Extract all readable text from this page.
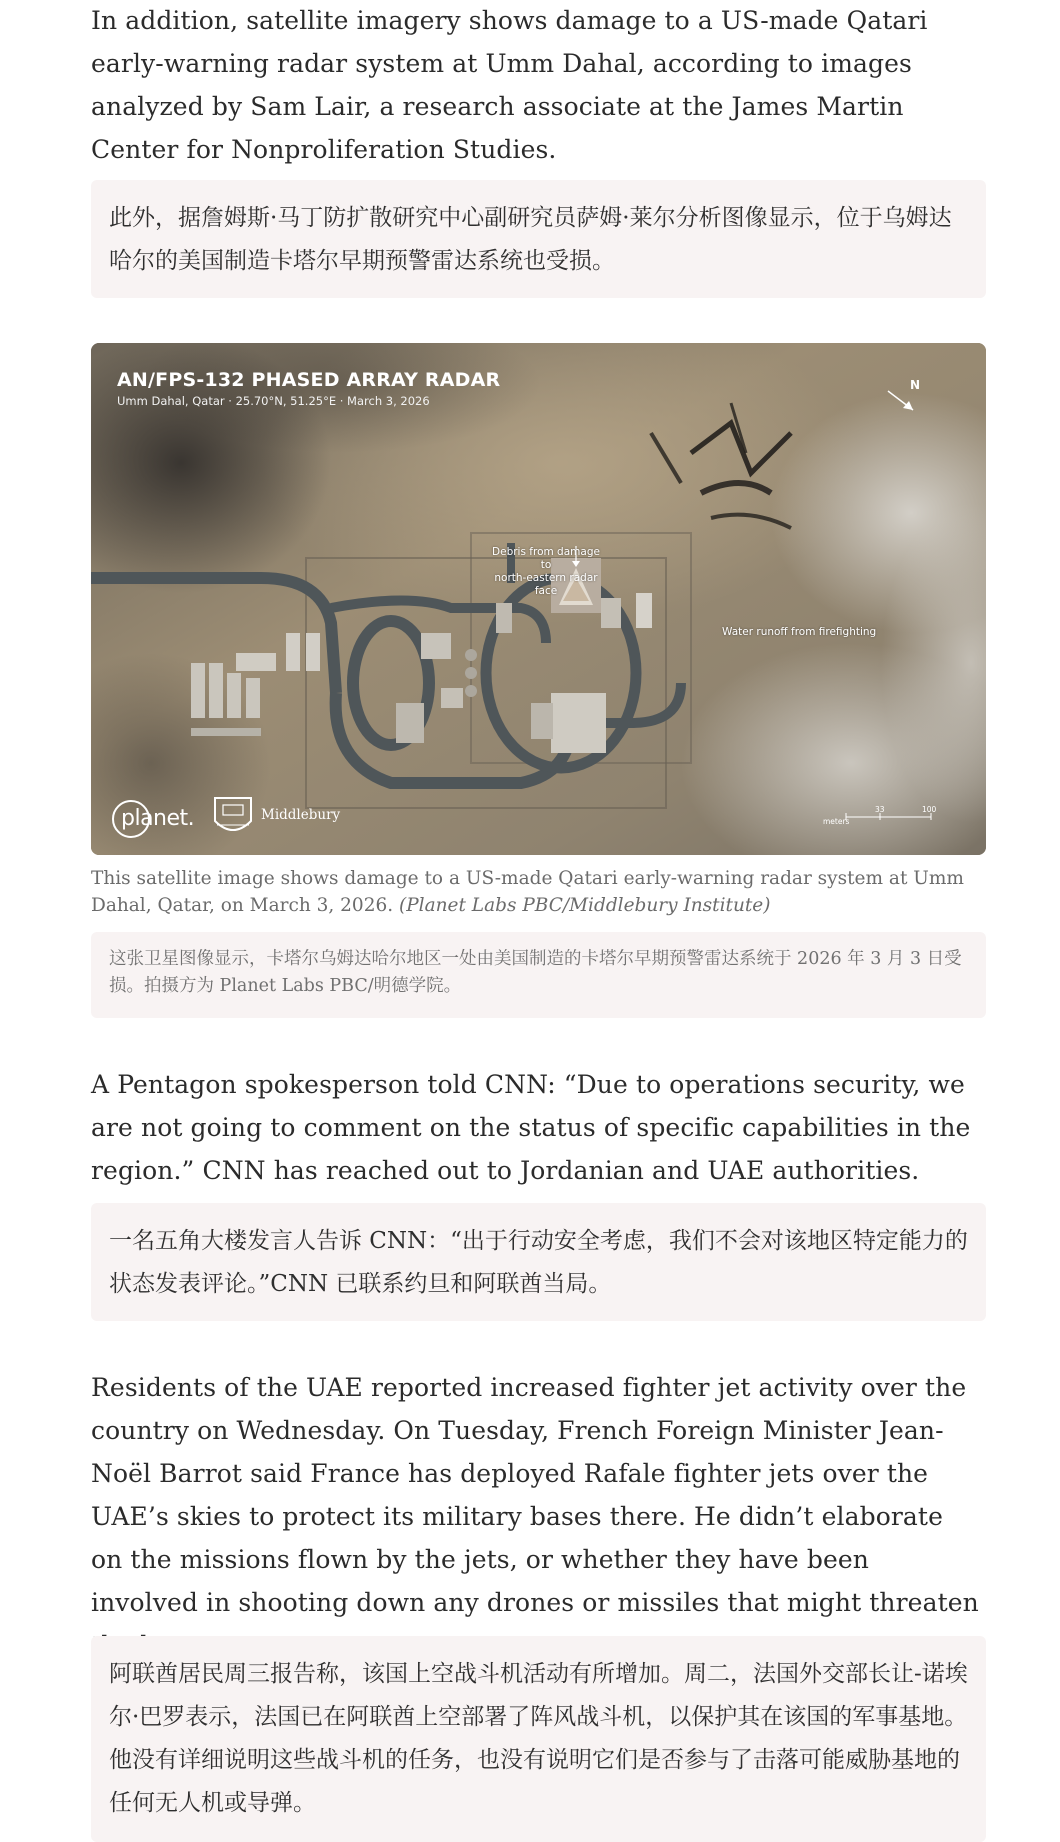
In addition, satellite imagery shows damage to a US-made Qatari early-warning radar system at Umm Dahal, according to images analyzed by Sam Lair, a research associate at the James Martin Center for Nonproliferation Studies.

此外，据詹姆斯·马丁防扩散研究中心副研究员萨姆·莱尔分析图像显示，位于乌姆达哈尔的美国制造卡塔尔早期预警雷达系统也受损。
AN/FPS-132 PHASED ARRAY RADAR
Umm Dahal, Qatar · 25.70°N, 51.25°E · March 3, 2026
Debris from damage to
north-eastern radar face
Water runoff from firefighting
N
planet.	Middlebury	meters
33	100

This satellite image shows damage to a US-made Qatari early-warning radar system at Umm Dahal, Qatar, on March 3, 2026. (Planet Labs PBC/Middlebury Institute)

这张卫星图像显示，卡塔尔乌姆达哈尔地区一处由美国制造的卡塔尔早期预警雷达系统于 2026 年 3 月 3 日受损。拍摄方为 Planet Labs PBC/明德学院。

A Pentagon spokesperson told CNN: “Due to operations security, we are not going to comment on the status of specific capabilities in the region.” CNN has reached out to Jordanian and UAE authorities.

一名五角大楼发言人告诉 CNN：“出于行动安全考虑，我们不会对该地区特定能力的状态发表评论。”CNN 已联系约旦和阿联酋当局。

Residents of the UAE reported increased fighter jet activity over the country on Wednesday. On Tuesday, French Foreign Minister Jean-Noël Barrot said France has deployed Rafale fighter jets over the UAE’s skies to protect its military bases there. He didn’t elaborate on the missions flown by the jets, or whether they have been involved in shooting down any drones or missiles that might threaten

阿联酋居民周三报告称，该国上空战斗机活动有所增加。周二，法国外交部长让-诺埃尔·巴罗表示，法国已在阿联酋上空部署了阵风战斗机，以保护其在该国的军事基地。他没有详细说明这些战斗机的任务，也没有说明它们是否参与了击落可能威胁基地的任何无人机或导弹。
